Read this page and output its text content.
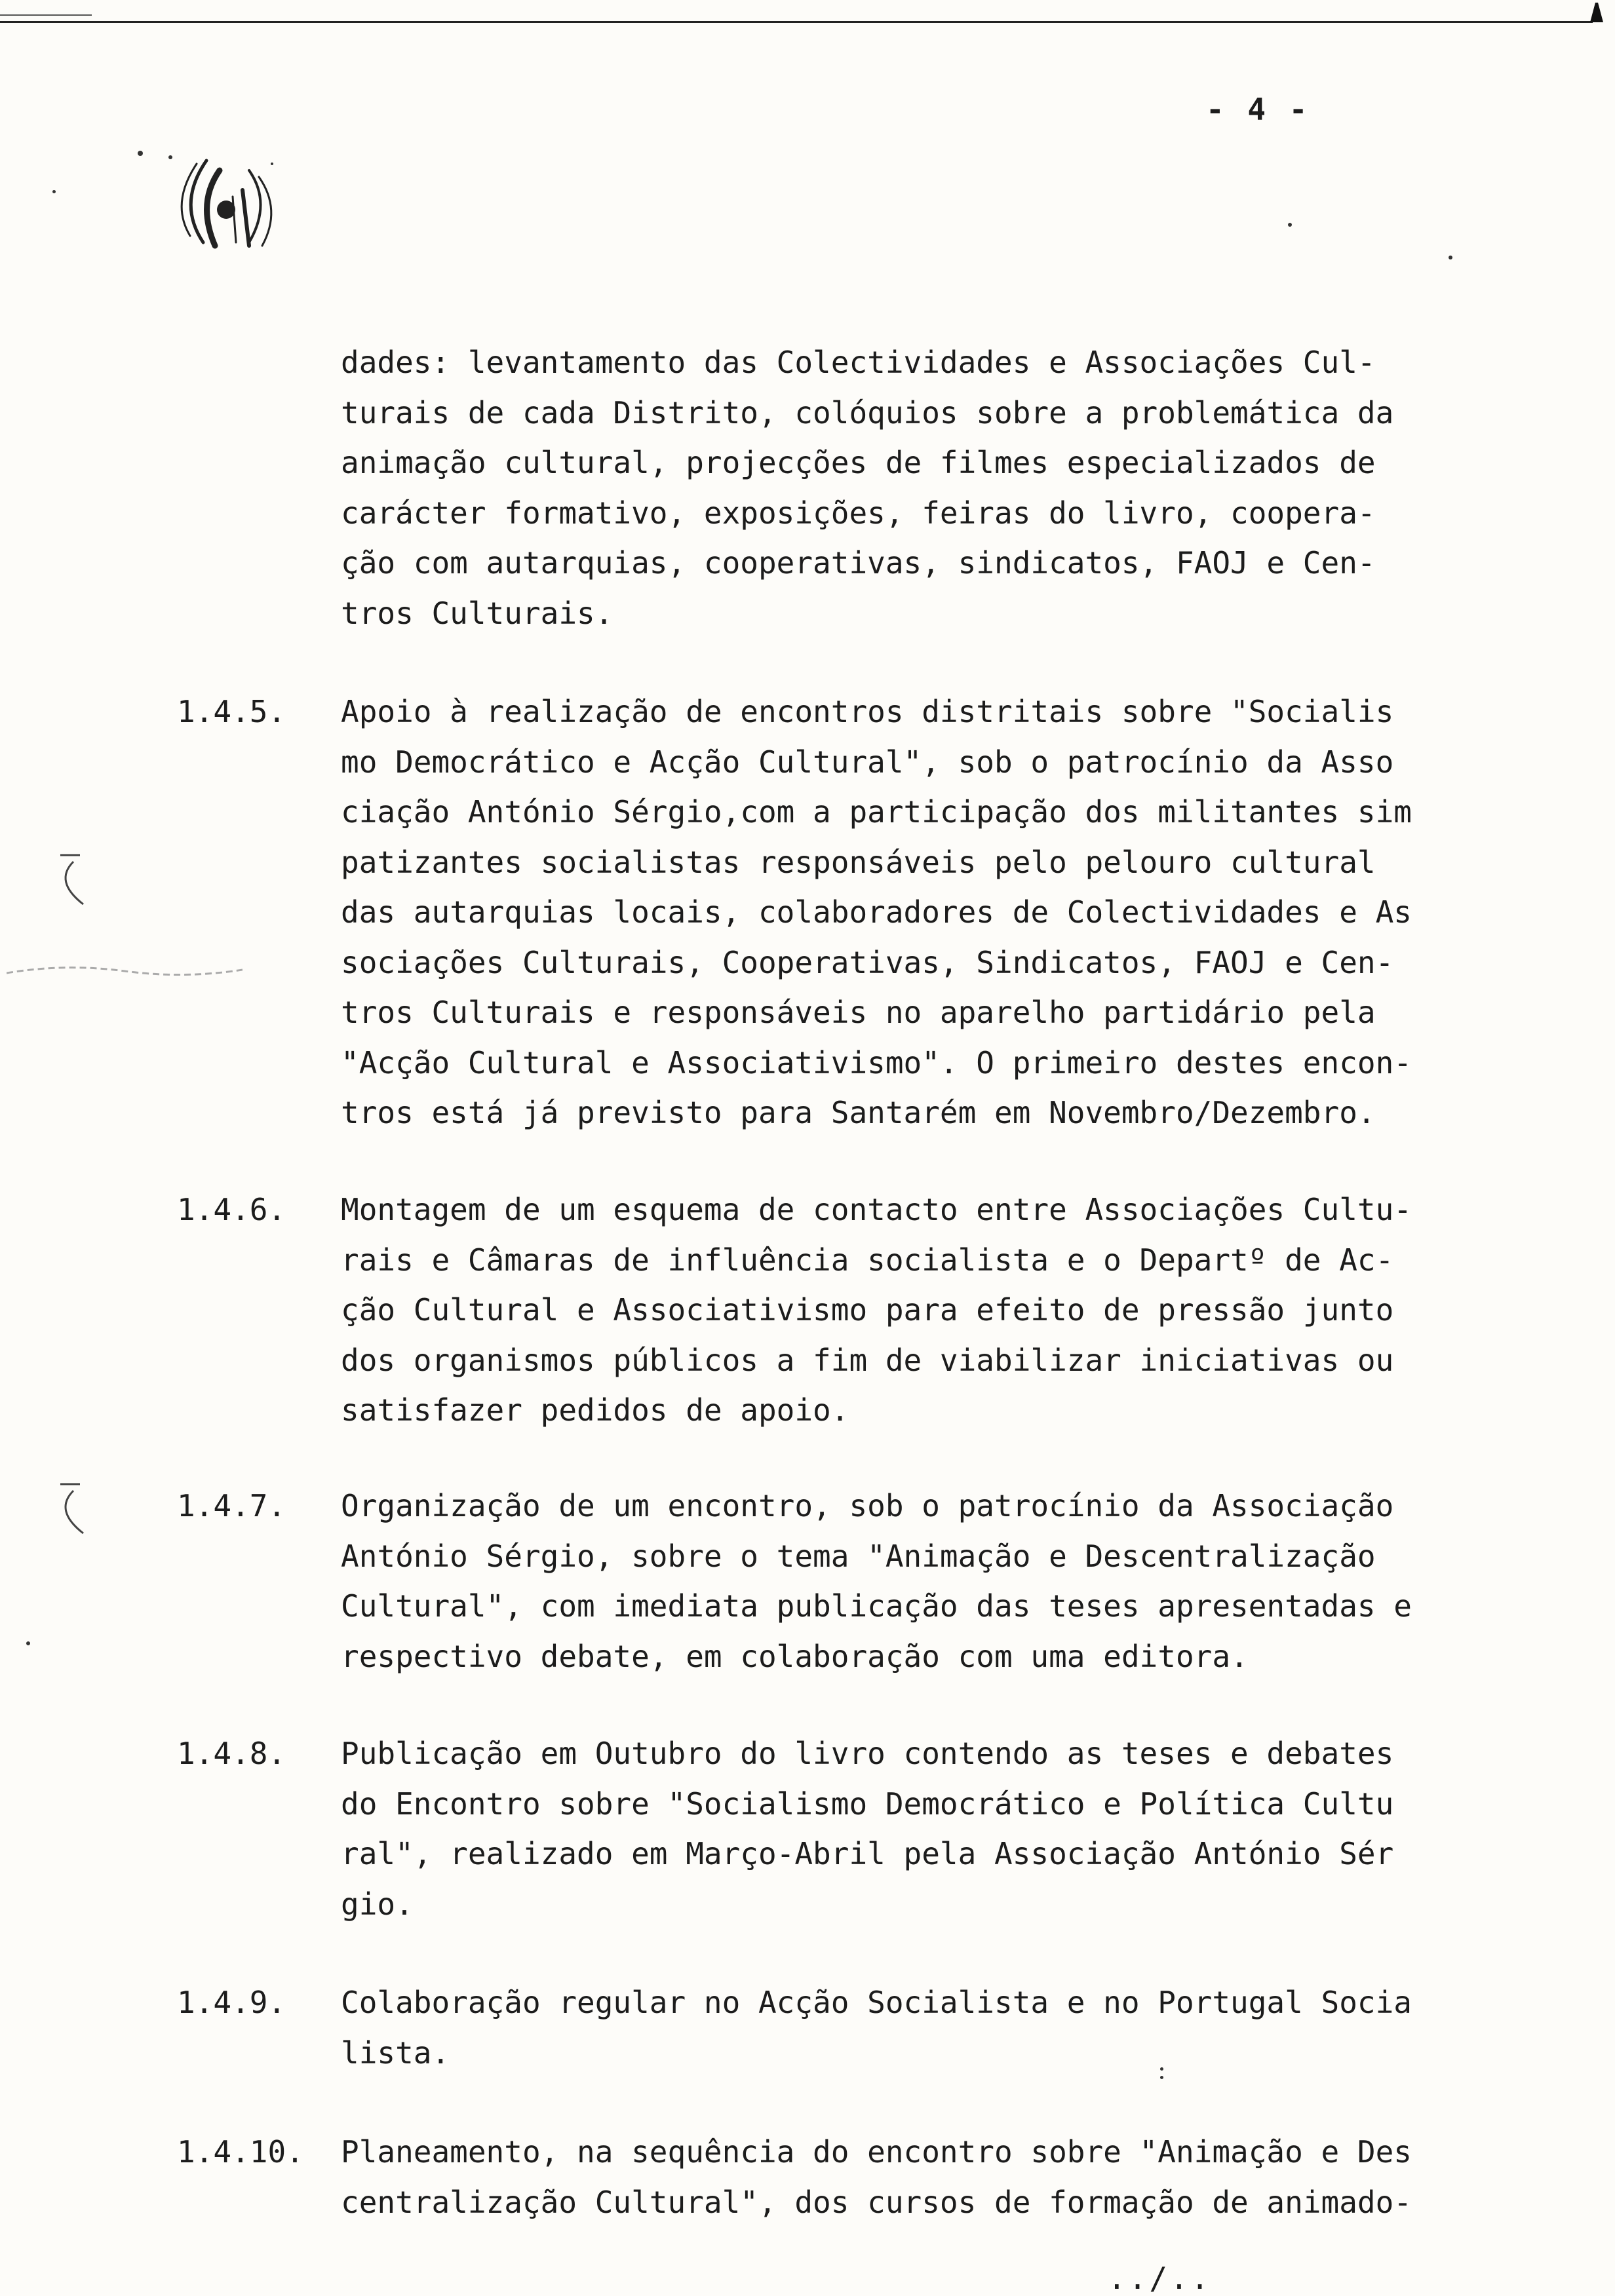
- 4 -
dades: levantamento das Colectividades e Associações Cul-
turais de cada Distrito, colóquios sobre a problemática da
animação cultural, projecções de filmes especializados de
carácter formativo, exposições, feiras do livro, coopera-
ção com autarquias, cooperativas, sindicatos, FAOJ e Cen-
tros Culturais.
1.4.5. Apoio à realização de encontros distritais sobre "Socialis
mo Democrático e Acção Cultural", sob o patrocínio da Asso
ciação António Sérgio,com a participação dos militantes sim
patizantes socialistas responsáveis pelo pelouro cultural
das autarquias locais, colaboradores de Colectividades e As
sociações Culturais, Cooperativas, Sindicatos, FAOJ e Cen-
tros Culturais e responsáveis no aparelho partidário pela
"Acção Cultural e Associativismo". O primeiro destes encon-
tros está já previsto para Santarém em Novembro/Dezembro.
1.4.6. Montagem de um esquema de contacto entre Associações Cultu-
rais e Câmaras de influência socialista e o Departº de Ac-
ção Cultural e Associativismo para efeito de pressão junto
dos organismos públicos a fim de viabilizar iniciativas ou
satisfazer pedidos de apoio.
1.4.7. Organização de um encontro, sob o patrocínio da Associação
António Sérgio, sobre o tema "Animação e Descentralização
Cultural", com imediata publicação das teses apresentadas e
respectivo debate, em colaboração com uma editora.
1.4.8. Publicação em Outubro do livro contendo as teses e debates
do Encontro sobre "Socialismo Democrático e Política Cultu
ral", realizado em Março-Abril pela Associação António Sér
gio.
1.4.9. Colaboração regular no Acção Socialista e no Portugal Socia
lista.
1.4.10. Planeamento, na sequência do encontro sobre "Animação e Des
centralização Cultural", dos cursos de formação de animado-
../..
